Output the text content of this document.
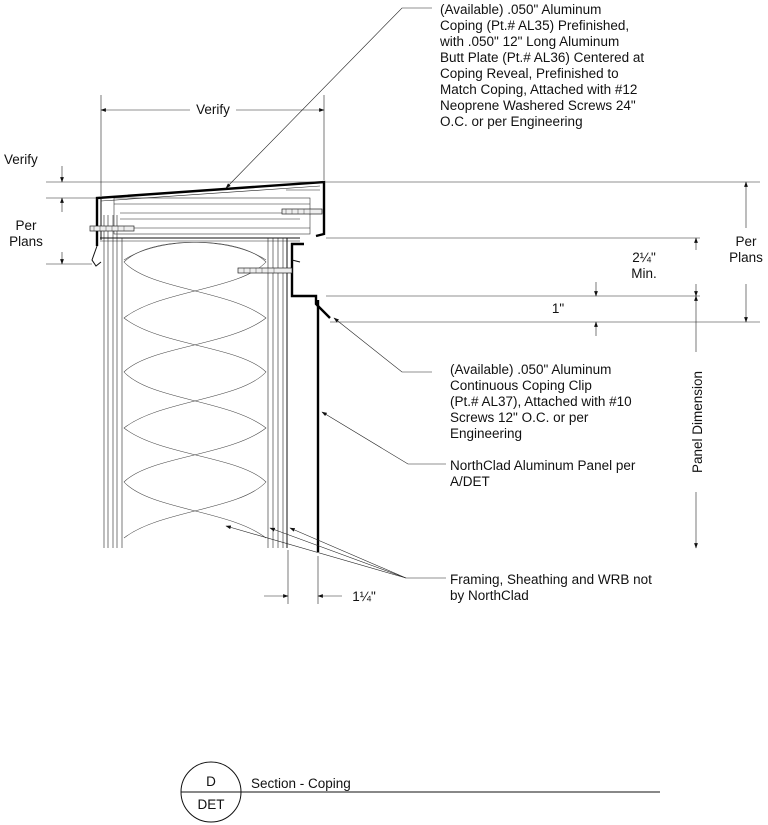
(Available) .050" Aluminum
Coping (Pt.# AL35) Prefinished,
with .050" 12" Long Aluminum
Butt Plate (Pt.# AL36) Centered at
Coping Reveal, Prefinished to
Match Coping, Attached with #12
Neoprene Washered Screws 24"
O.C. or per Engineering
(Available) .050" Aluminum
Continuous Coping Clip
(Pt.# AL37), Attached with #10
Screws 12" O.C. or per
Engineering
NorthClad Aluminum Panel per
A/DET
Framing, Sheathing and WRB not
by NorthClad
Verify
Verify
Per
Plans	Per
Plans
2¼"
Min.
1"
Panel Dimension
1¼"
D
DET
Section - Coping
